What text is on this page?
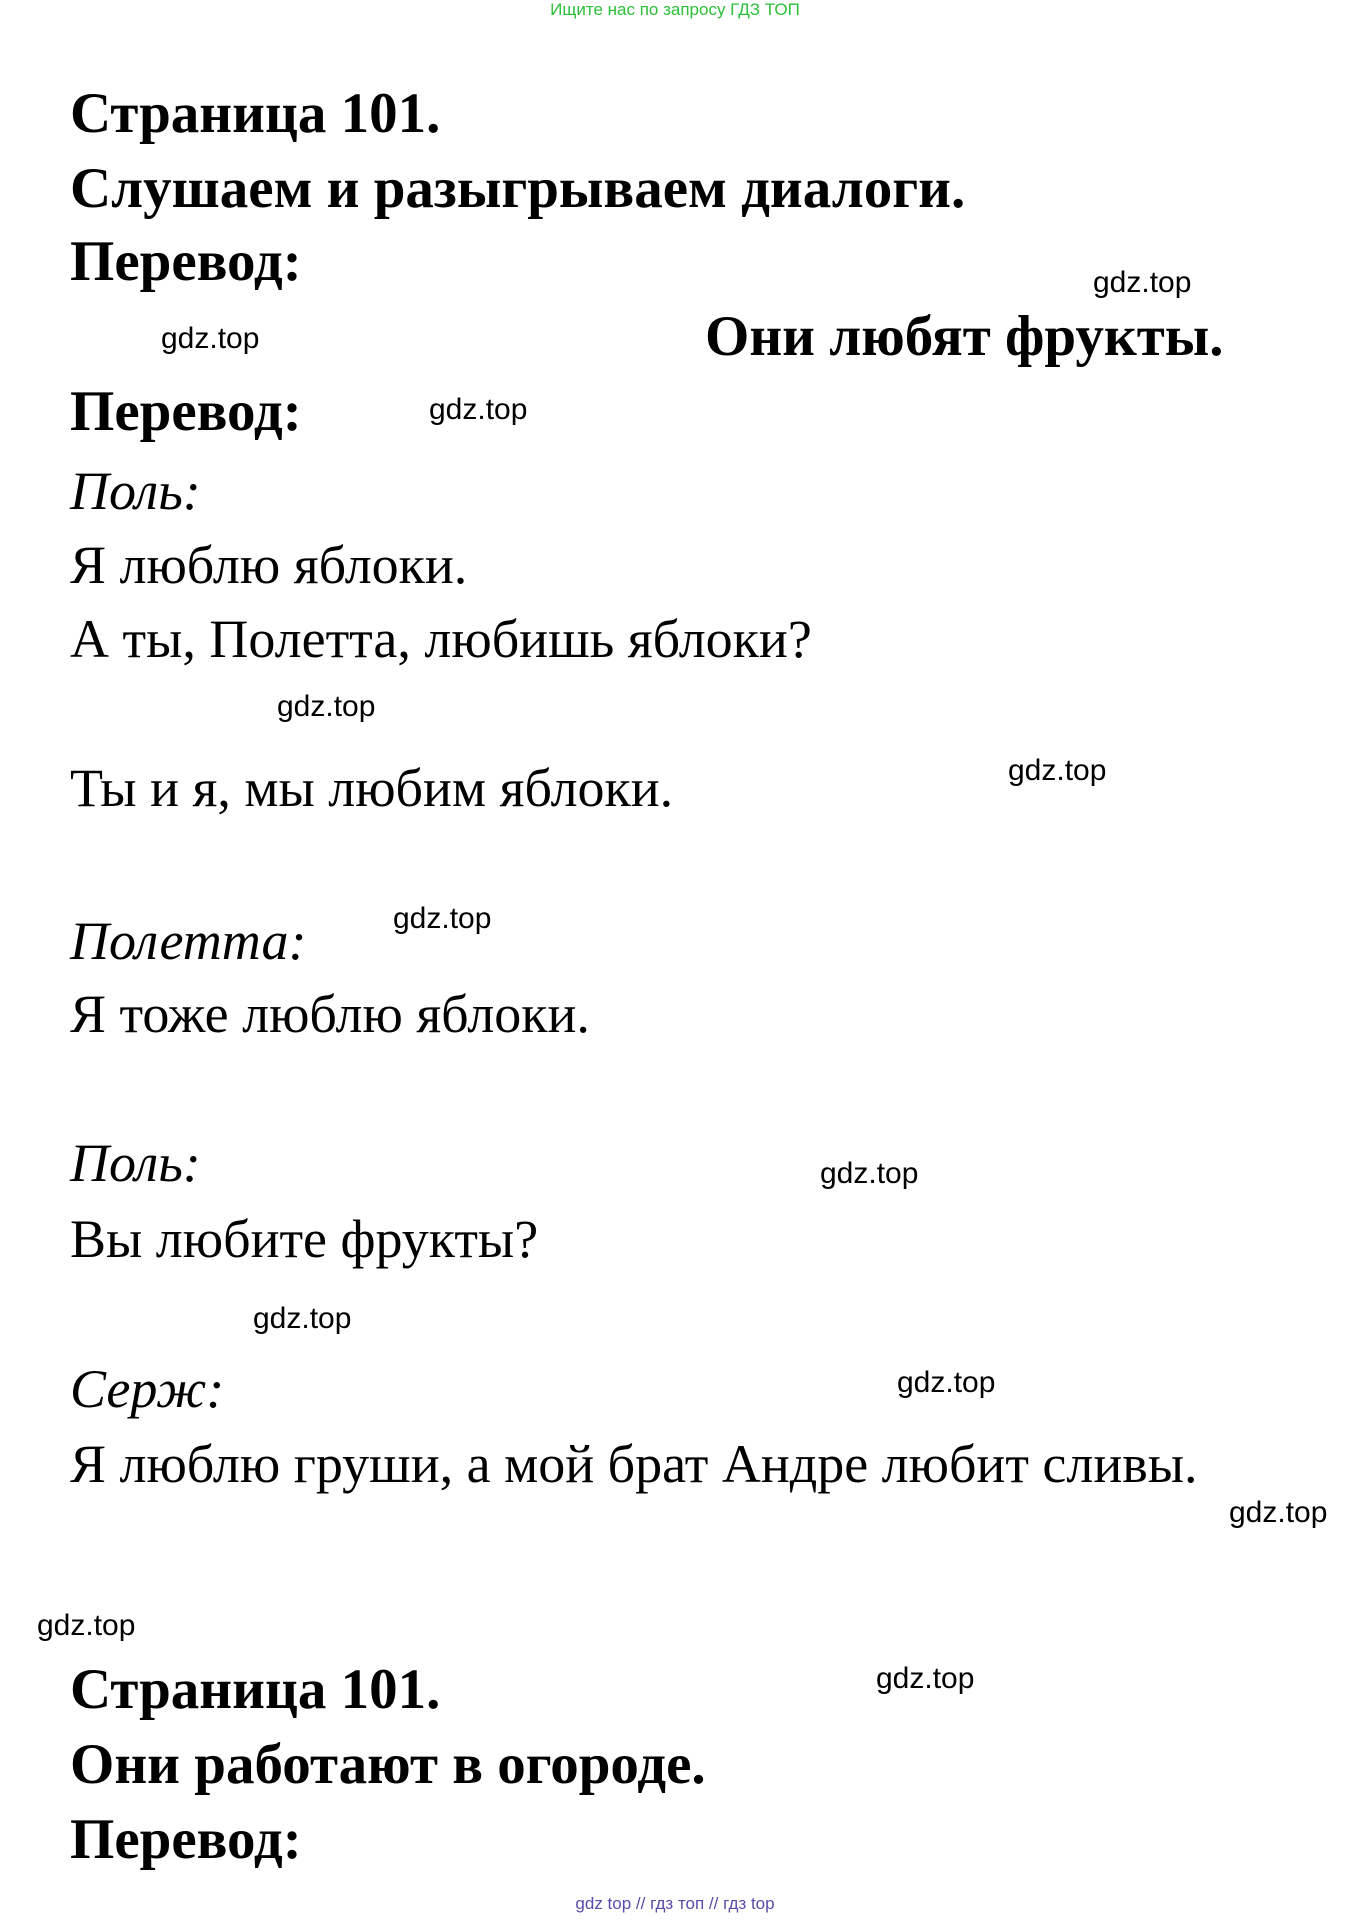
Ищите нас по запросу ГДЗ ТОП
Страница 101.
Слушаем и разыгрываем диалоги.
Перевод:
Они любят фрукты.
Перевод:
Поль:
Я люблю яблоки.
А ты, Полетта, любишь яблоки?
Ты и я, мы любим яблоки.
Полетта:
Я тоже люблю яблоки.
Поль:
Вы любите фрукты?
Серж:
Я люблю груши, а мой брат Андре любит сливы.
Страница 101.
Они работают в огороде.
Перевод:
gdz.top
gdz.top
gdz.top
gdz.top
gdz.top
gdz.top
gdz.top
gdz.top
gdz.top
gdz.top
gdz.top
gdz.top
gdz top // гдз топ // гдз top
